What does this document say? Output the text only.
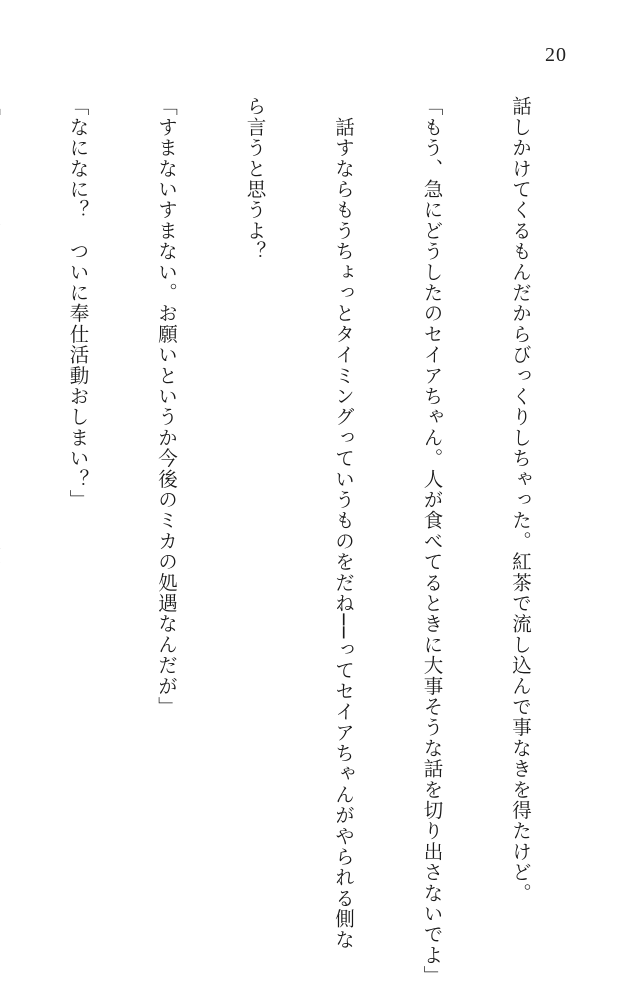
20

話しかけてくるもんだからびっくりしちゃった。紅茶で流し込んで事なきを得たけど。

「もう、急にどうしたのセイアちゃん。人が食べてるときに大事そうな話を切り出さないでよ」

　話すならもうちょっとタイミングっていうものをだね──ってセイアちゃんがやられる側な

ら言うと思うよ？

「すまないすまない。お願いというか今後のミカの処遇なんだが」

「なになに？　ついに奉仕活動おしまい？」
